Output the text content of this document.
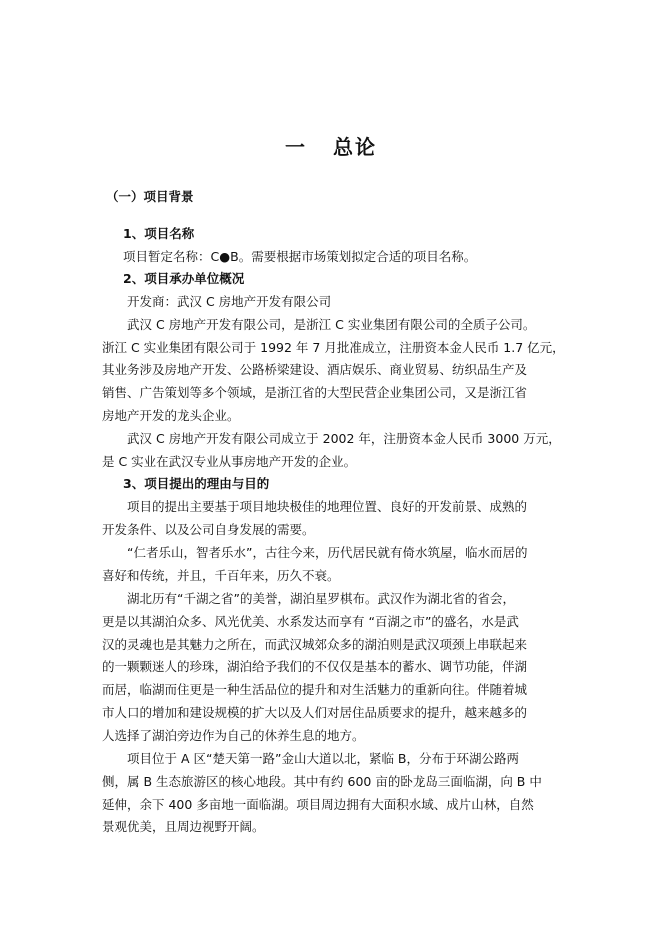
一 总论
（一）项目背景
1、项目名称
项目暂定名称：C●B。需要根据市场策划拟定合适的项目名称。
2、项目承办单位概况
开发商：武汉 C 房地产开发有限公司
武汉 C 房地产开发有限公司，是浙江 C 实业集团有限公司的全质子公司。
浙江 C 实业集团有限公司于 1992 年 7 月批准成立，注册资本金人民币 1.7 亿元，
其业务涉及房地产开发、公路桥梁建设、酒店娱乐、商业贸易、纺织品生产及
销售、广告策划等多个领域，是浙江省的大型民营企业集团公司，又是浙江省
房地产开发的龙头企业。
武汉 C 房地产开发有限公司成立于 2002 年，注册资本金人民币 3000 万元，
是 C 实业在武汉专业从事房地产开发的企业。
3、项目提出的理由与目的
项目的提出主要基于项目地块极佳的地理位置、良好的开发前景、成熟的
开发条件、以及公司自身发展的需要。
“仁者乐山，智者乐水”，古往今来，历代居民就有倚水筑屋，临水而居的
喜好和传统，并且，千百年来，历久不衰。
湖北历有“千湖之省”的美誉，湖泊星罗棋布。武汉作为湖北省的省会，
更是以其湖泊众多、风光优美、水系发达而享有 “百湖之市”的盛名，水是武
汉的灵魂也是其魅力之所在，而武汉城郊众多的湖泊则是武汉项颈上串联起来
的一颗颗迷人的珍珠，湖泊给予我们的不仅仅是基本的蓄水、调节功能，伴湖
而居，临湖而住更是一种生活品位的提升和对生活魅力的重新向往。伴随着城
市人口的增加和建设规模的扩大以及人们对居住品质要求的提升，越来越多的
人选择了湖泊旁边作为自己的休养生息的地方。
项目位于 A 区“楚天第一路”金山大道以北，紧临 B，分布于环湖公路两
侧，属 B 生态旅游区的核心地段。其中有约 600 亩的卧龙岛三面临湖，向 B 中
延伸，余下 400 多亩地一面临湖。项目周边拥有大面积水域、成片山林，自然
景观优美，且周边视野开阔。
